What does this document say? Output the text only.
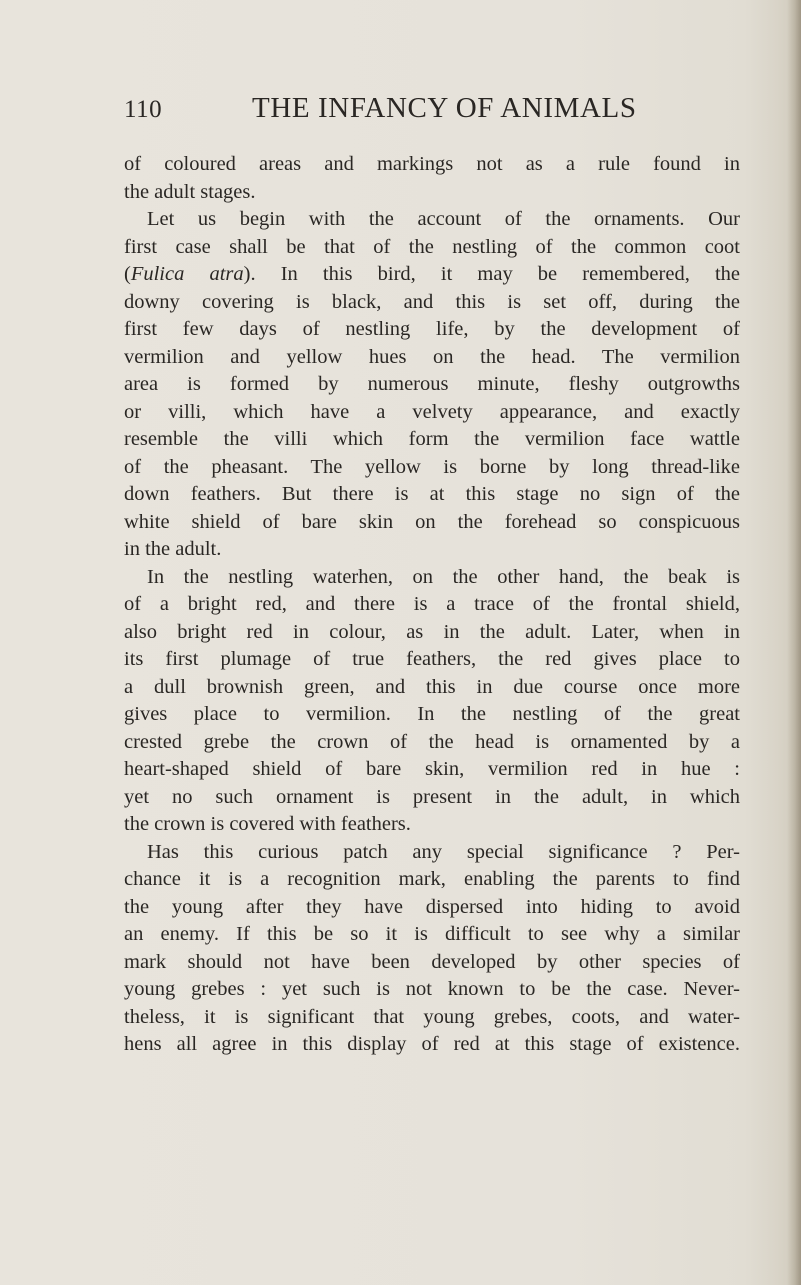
110	THE INFANCY OF ANIMALS
of coloured areas and markings not as a rule found in
the adult stages.
Let us begin with the account of the ornaments. Our
first case shall be that of the nestling of the common coot
(Fulica atra). In this bird, it may be remembered, the
downy covering is black, and this is set off, during the
first few days of nestling life, by the development of
vermilion and yellow hues on the head. The vermilion
area is formed by numerous minute, fleshy outgrowths
or villi, which have a velvety appearance, and exactly
resemble the villi which form the vermilion face wattle
of the pheasant. The yellow is borne by long thread-like
down feathers. But there is at this stage no sign of the
white shield of bare skin on the forehead so conspicuous
in the adult.
In the nestling waterhen, on the other hand, the beak is
of a bright red, and there is a trace of the frontal shield,
also bright red in colour, as in the adult. Later, when in
its first plumage of true feathers, the red gives place to
a dull brownish green, and this in due course once more
gives place to vermilion. In the nestling of the great
crested grebe the crown of the head is ornamented by a
heart-shaped shield of bare skin, vermilion red in hue :
yet no such ornament is present in the adult, in which
the crown is covered with feathers.
Has this curious patch any special significance ? Per-
chance it is a recognition mark, enabling the parents to find
the young after they have dispersed into hiding to avoid
an enemy. If this be so it is difficult to see why a similar
mark should not have been developed by other species of
young grebes : yet such is not known to be the case. Never-
theless, it is significant that young grebes, coots, and water-
hens all agree in this display of red at this stage of existence.
